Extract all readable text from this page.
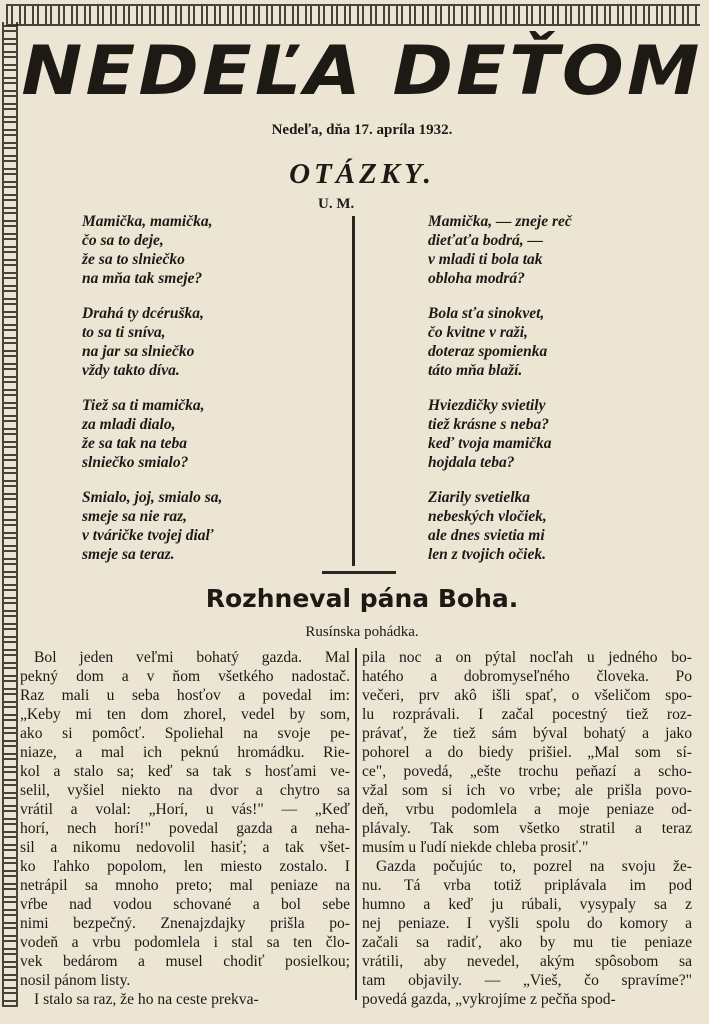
NEDEĽA DEŤOM
Nedeľa, dňa 17. apríla 1932.
OTÁZKY.
U. M.
Mamička, mamička,
čo sa to deje,
že sa to slniečko
na mňa tak smeje?
Drahá ty dcéruška,
to sa ti sníva,
na jar sa slniečko
vždy takto díva.
Tiež sa ti mamička,
za mladi dialo,
že sa tak na teba
slniečko smialo?
Smialo, joj, smialo sa,
smeje sa nie raz,
v tváričke tvojej diaľ
smeje sa teraz.
Mamička, — zneje reč
dieťaťa bodrá, —
v mladi ti bola tak
obloha modrá?
Bola sťa sinokvet,
čo kvitne v raži,
doteraz spomienka
táto mňa blaží.
Hviezdičky svietily
tiež krásne s neba?
keď tvoja mamička
hojdala teba?
Ziarily svetielka
nebeských vločiek,
ale dnes svietia mi
len z tvojich očiek.
Rozhneval pána Boha.
Rusínska pohádka.
Bol jeden veľmi bohatý gazda. Mal
pekný dom a v ňom všetkého nadostač.
Raz mali u seba hosťov a povedal im:
„Keby mi ten dom zhorel, vedel by som,
ako si pomôcť. Spoliehal na svoje pe-
niaze, a mal ich peknú hromádku. Rie-
kol a stalo sa; keď sa tak s hosťami ve-
selil, vyšiel niekto na dvor a chytro sa
vrátil a volal: „Horí, u vás!" — „Keď
horí, nech horí!" povedal gazda a neha-
sil a nikomu nedovolil hasiť; a tak všet-
ko ľahko popolom, len miesto zostalo. I
netrápil sa mnoho preto; mal peniaze na
vŕbe nad vodou schované a bol sebe
nimi bezpečný. Znenajzdajky prišla po-
vodeň a vrbu podomlela i stal sa ten člo-
vek bedárom a musel chodiť posielkou;
nosil pánom listy.
I stalo sa raz, že ho na ceste prekva-
pila noc a on pýtal nocľah u jedného bo-
hatého a dobromyseľného človeka. Po
večeri, prv akô išli spať, o všeličom spo-
lu rozprávali. I začal pocestný tiež roz-
právať, že tiež sám býval bohatý a jako
pohorel a do biedy prišiel. „Mal som sí-
ce", povedá, „ešte trochu peňazí a scho-
vžal som si ich vo vrbe; ale prišla povo-
deň, vrbu podomlela a moje peniaze od-
plávaly. Tak som všetko stratil a teraz
musím u ľudí niekde chleba prosiť."
Gazda počujúc to, pozrel na svoju že-
nu. Tá vrba totiž priplávala im pod
humno a keď ju rúbali, vysypaly sa z
nej peniaze. I vyšli spolu do komory a
začali sa radiť, ako by mu tie peniaze
vrátili, aby nevedel, akým spôsobom sa
tam objavily. — „Vieš, čo spravíme?"
povedá gazda, „vykrojíme z pečňa spod-
